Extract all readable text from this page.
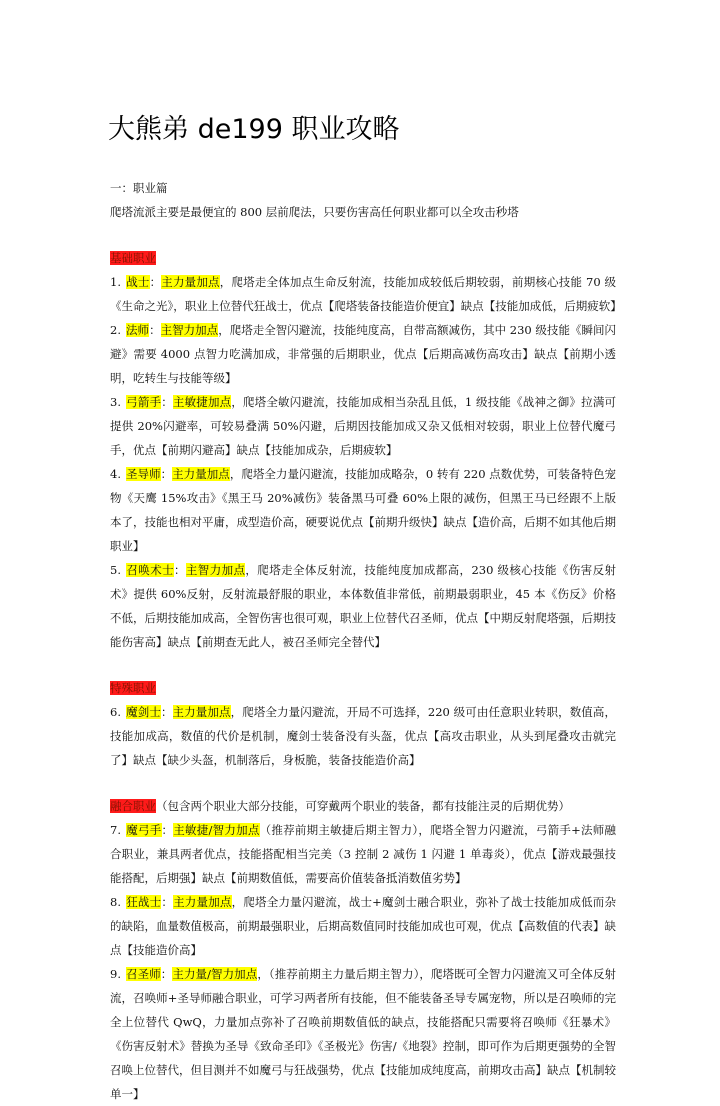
大熊弟 de199 职业攻略

一：职业篇

爬塔流派主要是最便宜的 800 层前爬法，只要伤害高任何职业都可以全攻击秒塔

基础职业

1. 战士：主力量加点，爬塔走全体加点生命反射流，技能加成较低后期较弱，前期核心技能 70 级《生命之光》，职业上位替代狂战士，优点【爬塔装备技能造价便宜】缺点【技能加成低，后期疲软】

2. 法师：主智力加点，爬塔走全智闪避流，技能纯度高，自带高额减伤，其中 230 级技能《瞬间闪避》需要 4000 点智力吃满加成，非常强的后期职业，优点【后期高减伤高攻击】缺点【前期小透明，吃转生与技能等级】

3. 弓箭手：主敏捷加点，爬塔全敏闪避流，技能加成相当杂乱且低，1 级技能《战神之御》拉满可提供 20%闪避率，可较易叠满 50%闪避，后期因技能加成又杂又低相对较弱，职业上位替代魔弓手，优点【前期闪避高】缺点【技能加成杂，后期疲软】

4. 圣导师：主力量加点，爬塔全力量闪避流，技能加成略杂，0 转有 220 点数优势，可装备特色宠物《天鹰 15%攻击》《黑王马 20%减伤》装备黑马可叠 60%上限的减伤，但黑王马已经跟不上版本了，技能也相对平庸，成型造价高，硬要说优点【前期升级快】缺点【造价高，后期不如其他后期职业】

5. 召唤术士：主智力加点，爬塔走全体反射流，技能纯度加成都高，230 级核心技能《伤害反射术》提供 60%反射，反射流最舒服的职业，本体数值非常低，前期最弱职业，45 本《伤反》价格不低，后期技能加成高，全智伤害也很可观，职业上位替代召圣师，优点【中期反射爬塔强，后期技能伤害高】缺点【前期查无此人，被召圣师完全替代】

特殊职业

6. 魔剑士：主力量加点，爬塔全力量闪避流，开局不可选择，220 级可由任意职业转职，数值高，技能加成高，数值的代价是机制，魔剑士装备没有头盔，优点【高攻击职业，从头到尾叠攻击就完了】缺点【缺少头盔，机制落后，身板脆，装备技能造价高】

融合职业（包含两个职业大部分技能，可穿戴两个职业的装备，都有技能注灵的后期优势）

7. 魔弓手：主敏捷/智力加点（推荐前期主敏捷后期主智力），爬塔全智力闪避流，弓箭手+法师融合职业，兼具两者优点，技能搭配相当完美（3 控制 2 减伤 1 闪避 1 单毒炎），优点【游戏最强技能搭配，后期强】缺点【前期数值低，需要高价值装备抵消数值劣势】

8. 狂战士：主力量加点，爬塔全力量闪避流，战士+魔剑士融合职业，弥补了战士技能加成低而杂的缺陷，血量数值极高，前期最强职业，后期高数值同时技能加成也可观，优点【高数值的代表】缺点【技能造价高】

9. 召圣师：主力量/智力加点，（推荐前期主力量后期主智力），爬塔既可全智力闪避流又可全体反射流，召唤师+圣导师融合职业，可学习两者所有技能，但不能装备圣导专属宠物，所以是召唤师的完全上位替代 QwQ，力量加点弥补了召唤前期数值低的缺点，技能搭配只需要将召唤师《狂暴术》《伤害反射术》替换为圣导《致命圣印》《圣极光》伤害/《地裂》控制，即可作为后期更强势的全智召唤上位替代，但目测并不如魔弓与狂战强势，优点【技能加成纯度高，前期攻击高】缺点【机制较单一】
